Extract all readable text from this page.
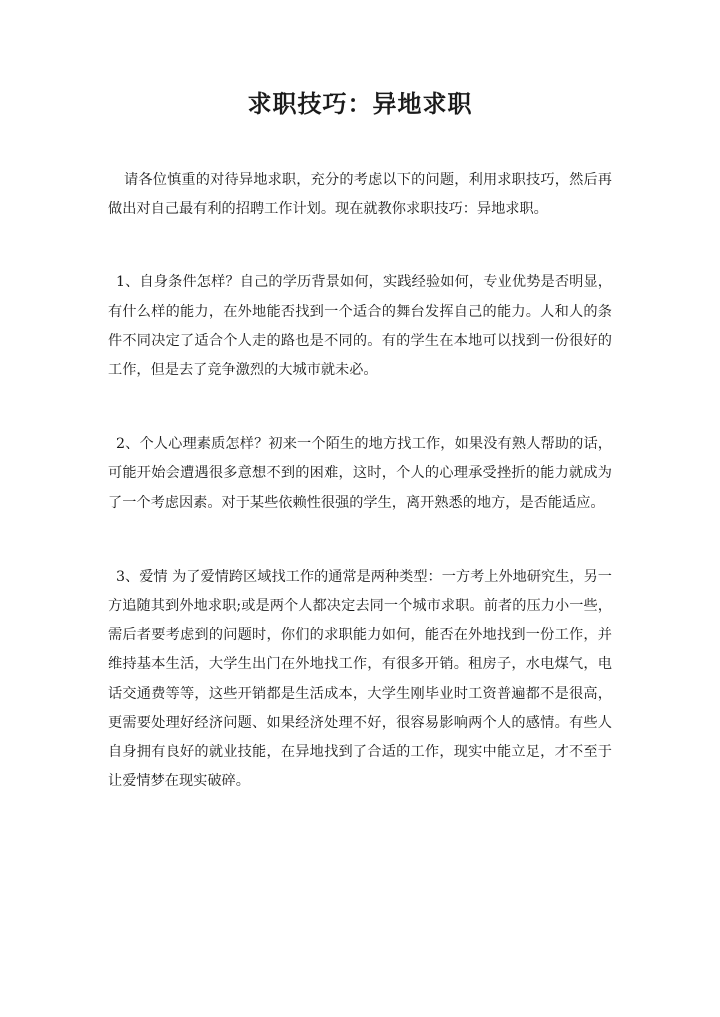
求职技巧：异地求职

请各位慎重的对待异地求职，充分的考虑以下的问题，利用求职技巧，然后再做出对自己最有利的招聘工作计划。现在就教你求职技巧：异地求职。

1、自身条件怎样？自己的学历背景如何，实践经验如何，专业优势是否明显，有什么样的能力，在外地能否找到一个适合的舞台发挥自己的能力。人和人的条件不同决定了适合个人走的路也是不同的。有的学生在本地可以找到一份很好的工作，但是去了竞争激烈的大城市就未必。

2、个人心理素质怎样？初来一个陌生的地方找工作，如果没有熟人帮助的话，可能开始会遭遇很多意想不到的困难，这时，个人的心理承受挫折的能力就成为了一个考虑因素。对于某些依赖性很强的学生，离开熟悉的地方，是否能适应。

3、爱情 为了爱情跨区域找工作的通常是两种类型：一方考上外地研究生，另一方追随其到外地求职;或是两个人都决定去同一个城市求职。前者的压力小一些，需后者要考虑到的问题时，你们的求职能力如何，能否在外地找到一份工作，并维持基本生活，大学生出门在外地找工作，有很多开销。租房子，水电煤气，电话交通费等等，这些开销都是生活成本，大学生刚毕业时工资普遍都不是很高，更需要处理好经济问题、如果经济处理不好，很容易影响两个人的感情。有些人自身拥有良好的就业技能，在异地找到了合适的工作，现实中能立足，才不至于让爱情梦在现实破碎。
